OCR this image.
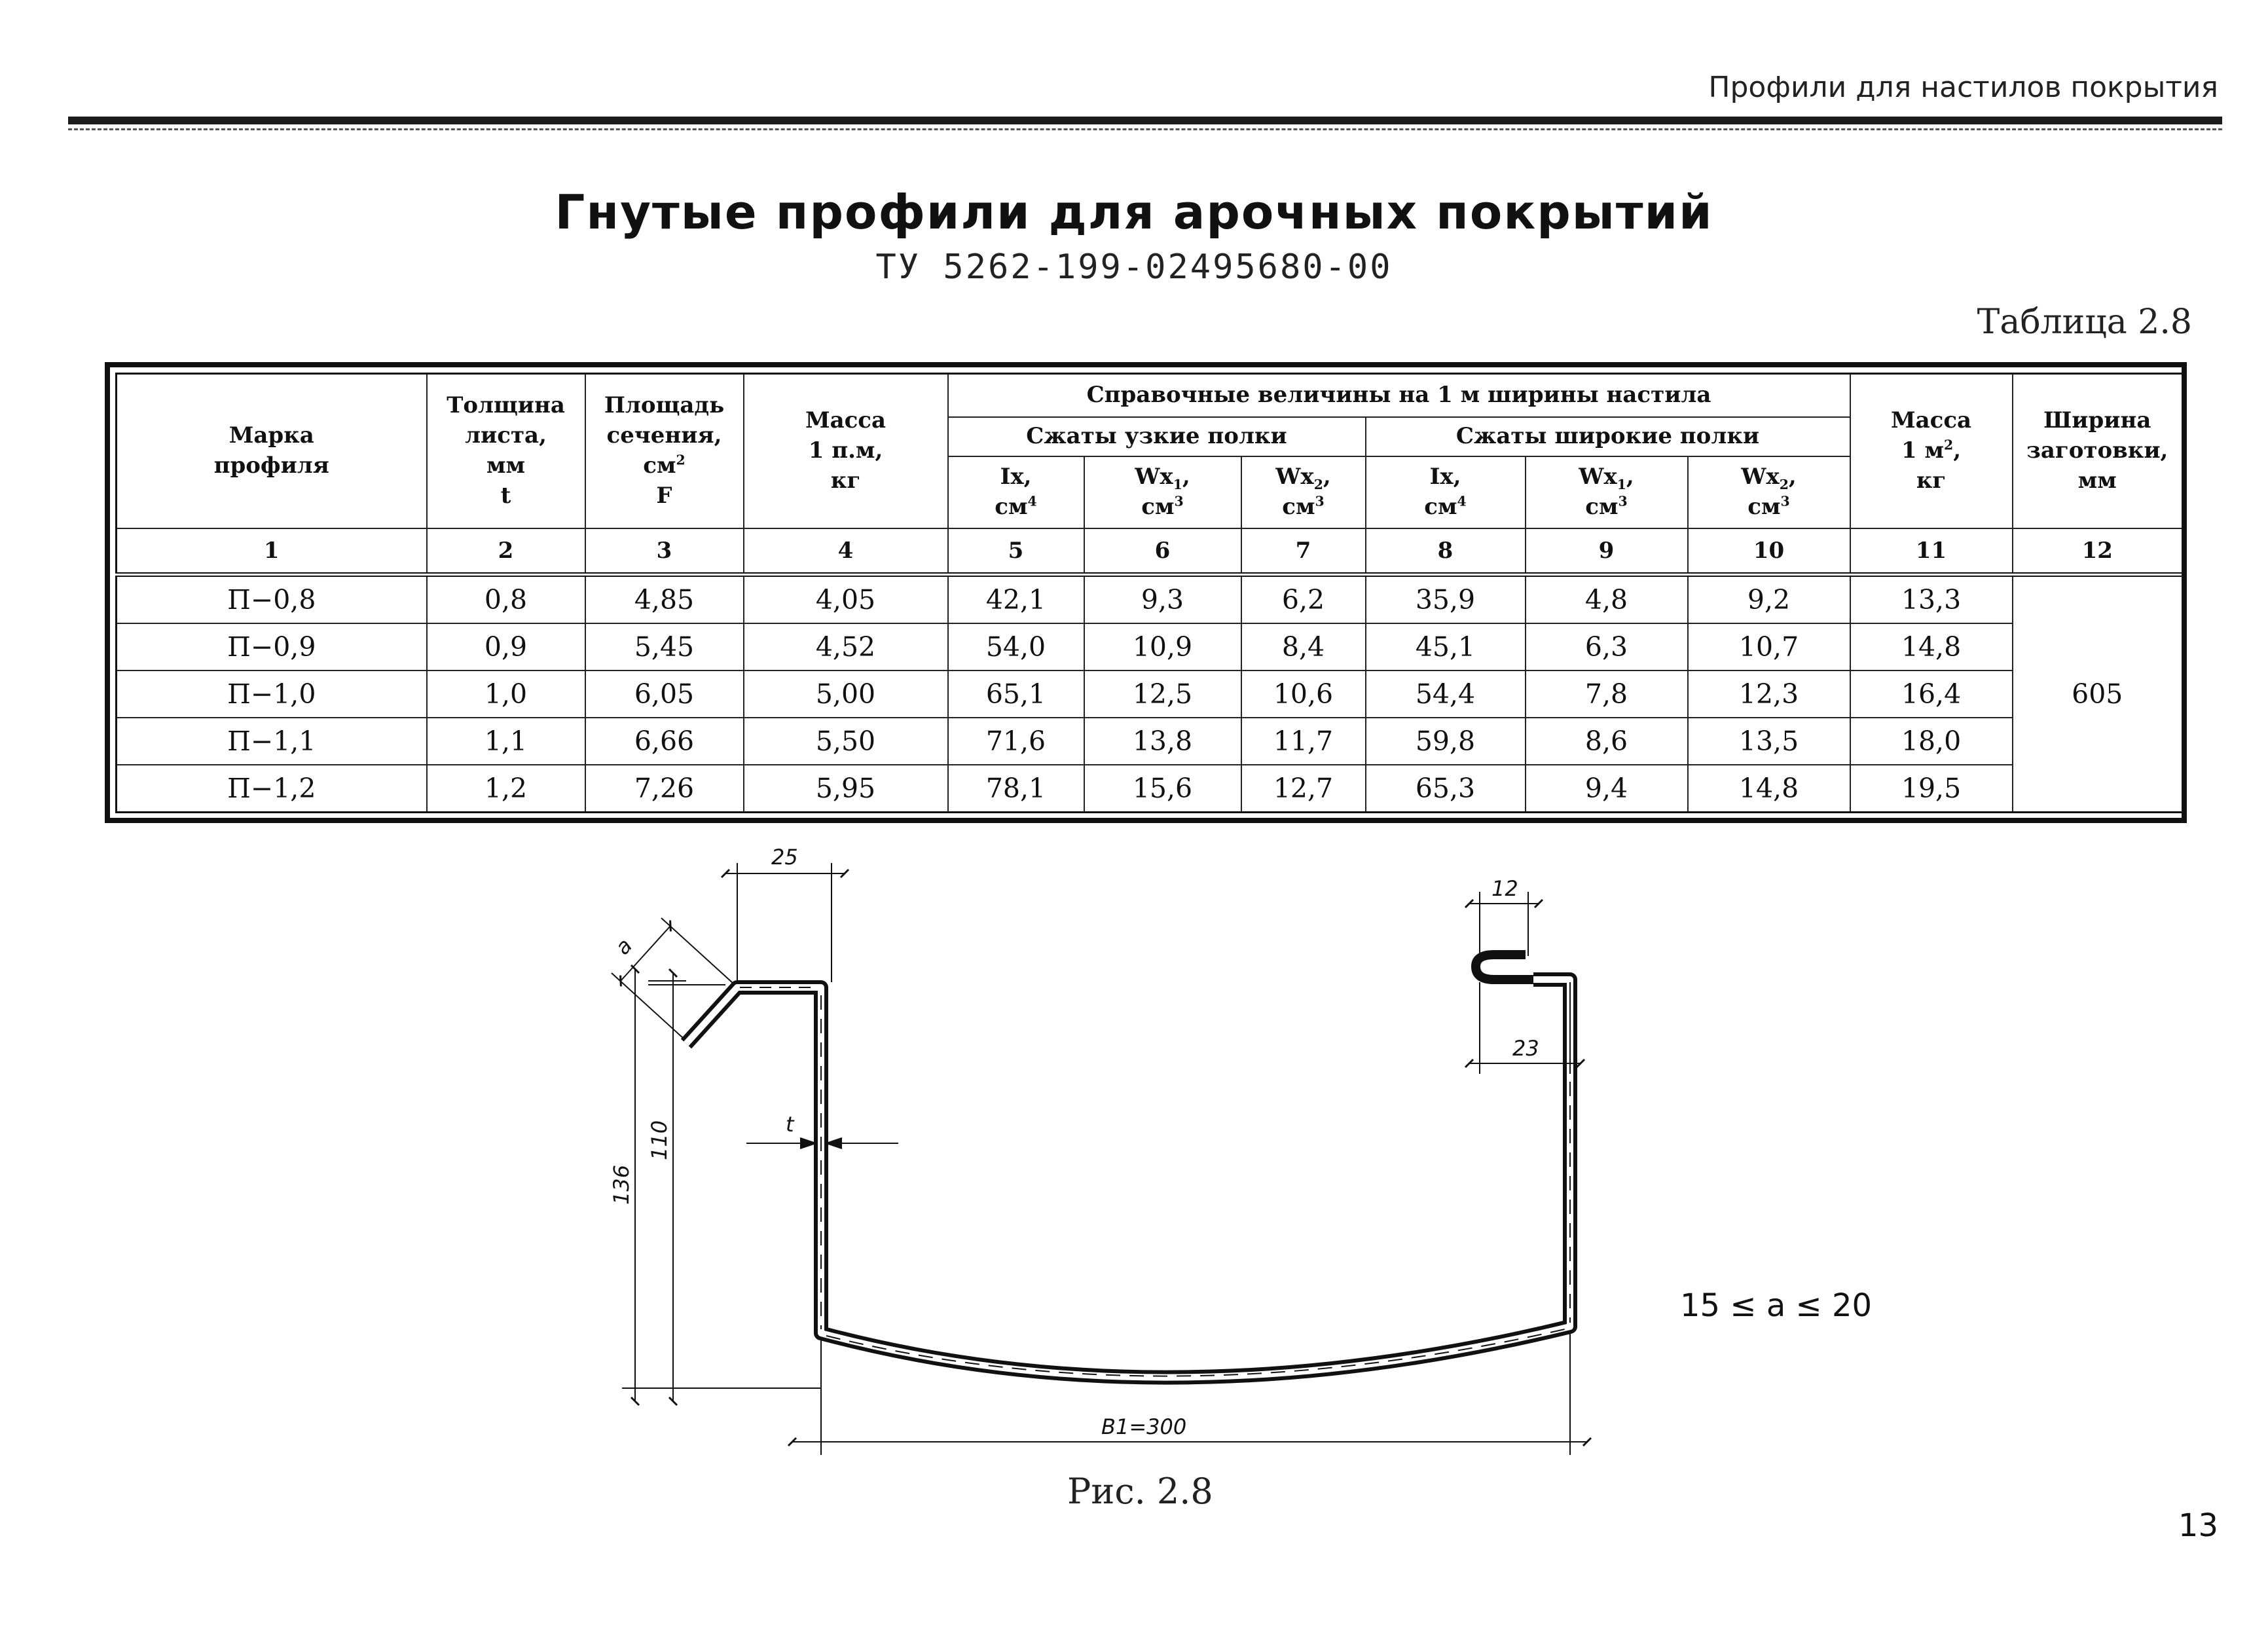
Профили для настилов покрытия
Гнутые профили для арочных покрытий
ТУ 5262-199-02495680-00
Таблица 2.8
Марка профиля	Толщина
листа,
мм
t	Площадь
сечения,
$см^2$
F	Масса
1 п.м,
кг	Справочные величины на 1 м ширины настила						Масса
1 $м^2$,
кг	Ширина
заготовки,
мм
				Сжаты узкие полки			Сжаты широкие полки				
				Ix,
$см^4$	$Wx_1$,
$см^3$	$Wx_2$,
$см^3$	Ix,
$см^4$	$Wx_1$,
$см^3$	$Wx_2$,
$см^3$
1	2	3	4	5	6	7	8	9	10	11	12
П−0,8	0,8	4,85	4,05	42,1	9,3	6,2	35,9	4,8	9,2	13,3	605
П−0,9	0,9	5,45	4,52	54,0	10,9	8,4	45,1	6,3	10,7	14,8	
П−1,0	1,0	6,05	5,00	65,1	12,5	10,6	54,4	7,8	12,3	16,4	
П−1,1	1,1	6,66	5,50	71,6	13,8	11,7	59,8	8,6	13,5	18,0	
П−1,2	1,2	7,26	5,95	78,1	15,6	12,7	65,3	9,4	14,8	19,5	
25
a
12
23
t
110
136
B1=300
15 ≤ a ≤ 20
Рис. 2.8
13
